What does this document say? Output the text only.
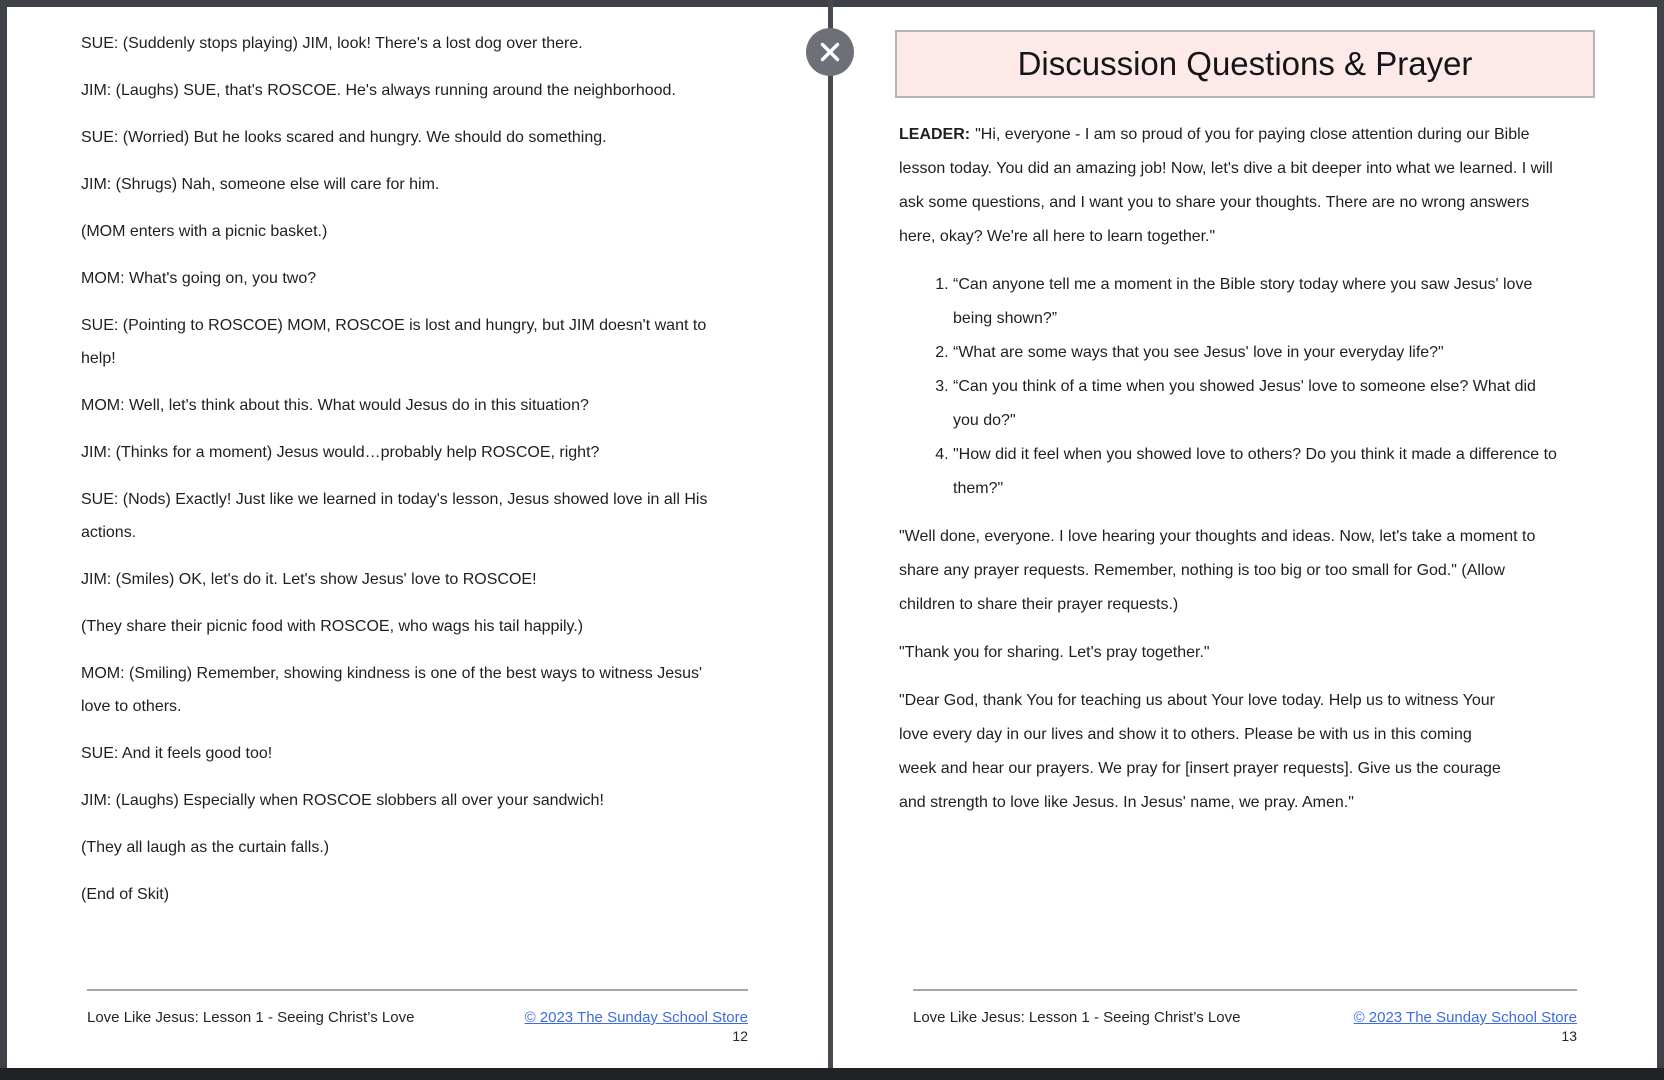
SUE: (Suddenly stops playing) JIM, look! There's a lost dog over there.

JIM: (Laughs) SUE, that's ROSCOE. He's always running around the neighborhood.

SUE: (Worried) But he looks scared and hungry. We should do something.

JIM: (Shrugs) Nah, someone else will care for him.

(MOM enters with a picnic basket.)

MOM: What's going on, you two?

SUE: (Pointing to ROSCOE) MOM, ROSCOE is lost and hungry, but JIM doesn't want to help!

MOM: Well, let's think about this. What would Jesus do in this situation?

JIM: (Thinks for a moment) Jesus would…probably help ROSCOE, right?

SUE: (Nods) Exactly! Just like we learned in today's lesson, Jesus showed love in all His actions.

JIM: (Smiles) OK, let's do it. Let's show Jesus' love to ROSCOE!

(They share their picnic food with ROSCOE, who wags his tail happily.)

MOM: (Smiling) Remember, showing kindness is one of the best ways to witness Jesus' love to others.

SUE: And it feels good too!

JIM: (Laughs) Especially when ROSCOE slobbers all over your sandwich!

(They all laugh as the curtain falls.)

(End of Skit)

Love Like Jesus: Lesson 1 - Seeing Christ’s Love	© 2023 The Sunday School Store
12
Discussion Questions & Prayer

LEADER: "Hi, everyone - I am so proud of you for paying close attention during our Bible lesson today. You did an amazing job! Now, let's dive a bit deeper into what we learned. I will ask some questions, and I want you to share your thoughts. There are no wrong answers here, okay? We're all here to learn together."

1. “Can anyone tell me a moment in the Bible story today where you saw Jesus' love being shown?”
2. “What are some ways that you see Jesus' love in your everyday life?"
3. “Can you think of a time when you showed Jesus' love to someone else? What did you do?"
4. "How did it feel when you showed love to others? Do you think it made a difference to them?"

"Well done, everyone. I love hearing your thoughts and ideas. Now, let's take a moment to share any prayer requests. Remember, nothing is too big or too small for God." (Allow children to share their prayer requests.)

"Thank you for sharing. Let's pray together."

"Dear God, thank You for teaching us about Your love today. Help us to witness Your love every day in our lives and show it to others. Please be with us in this coming week and hear our prayers. We pray for [insert prayer requests]. Give us the courage and strength to love like Jesus. In Jesus' name, we pray. Amen."

Love Like Jesus: Lesson 1 - Seeing Christ’s Love	© 2023 The Sunday School Store
13
